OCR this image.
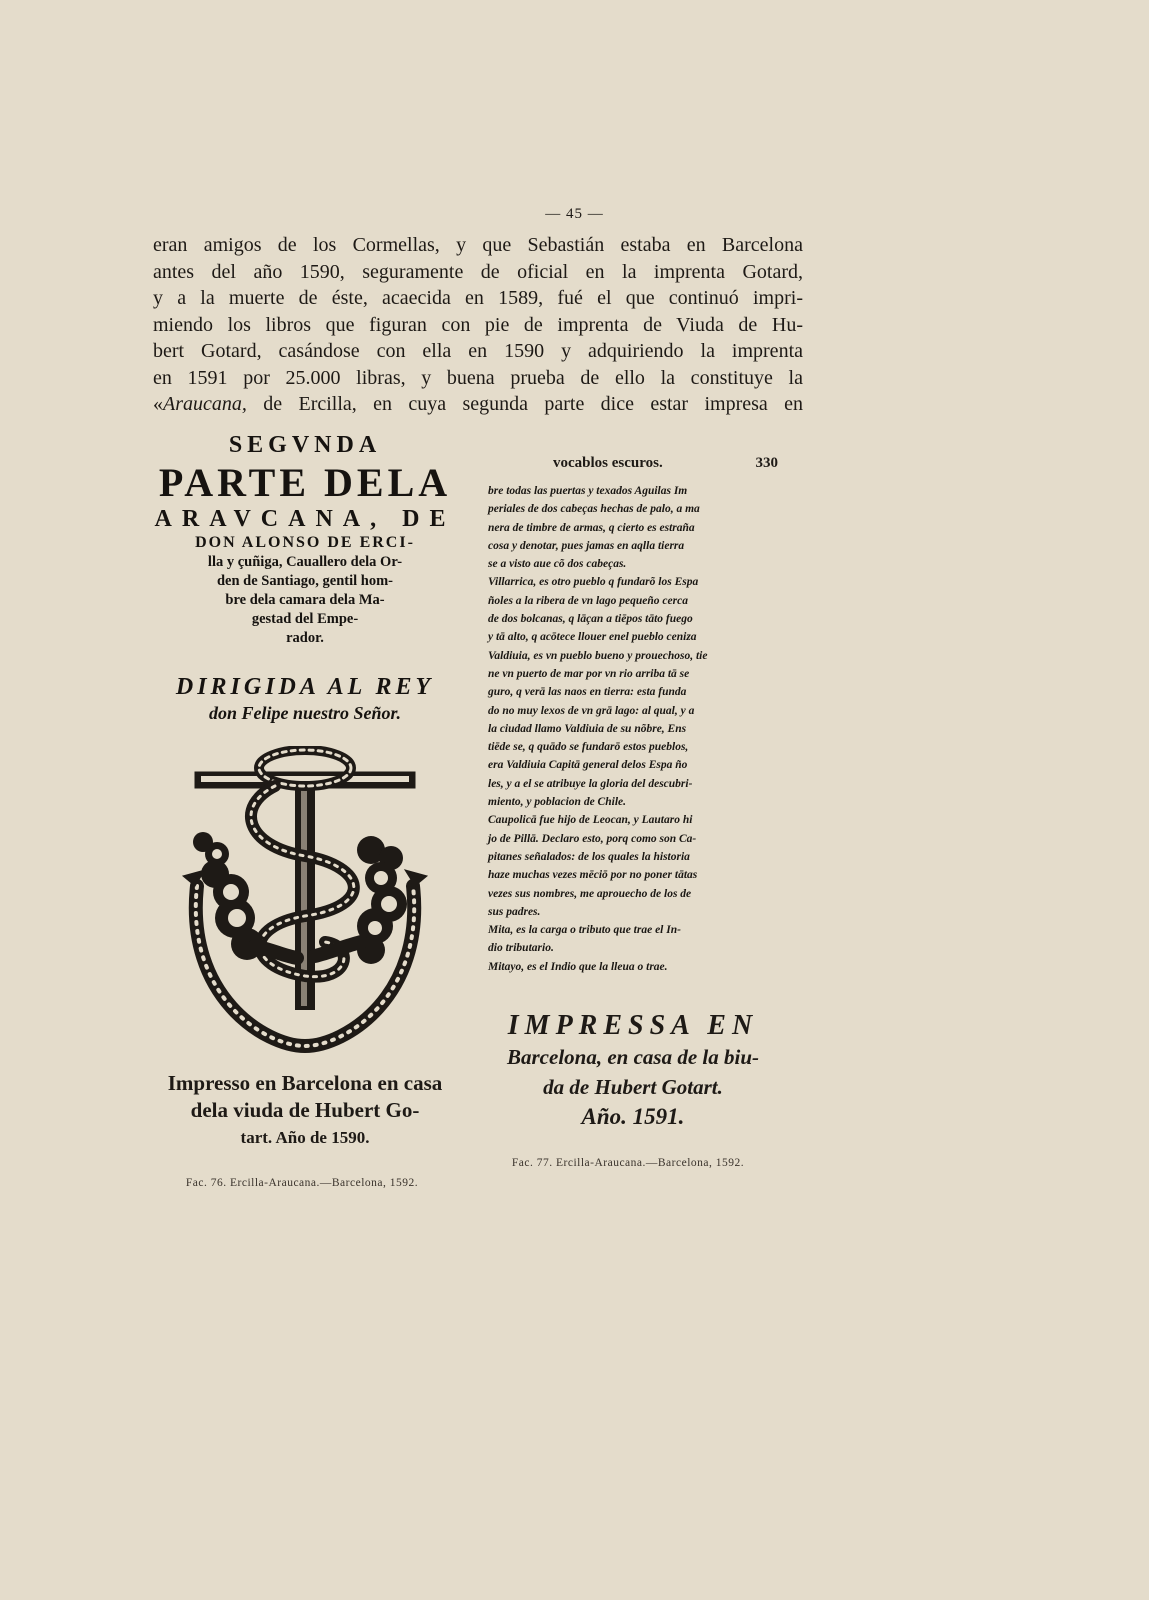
— 45 —
eran amigos de los Cormellas, y que Sebastián estaba en Barcelona
antes del año 1590, seguramente de oficial en la imprenta Gotard,
y a la muerte de éste, acaecida en 1589, fué el que continuó impri-
miendo los libros que figuran con pie de imprenta de Viuda de Hu-
bert Gotard, casándose con ella en 1590 y adquiriendo la imprenta
en 1591 por 25.000 libras, y buena prueba de ello la constituye la
«Araucana, de Ercilla, en cuya segunda parte dice estar impresa en
SEGVNDA
PARTE DELA
ARAVCANA, DE
DON ALONSO DE ERCI-
lla y çuñiga, Cauallero dela Or-
den de Santiago, gentil hom-
bre dela camara dela Ma-
gestad del Empe-
rador.
DIRIGIDA AL REY
don Felipe nuestro Señor.
Impresso en Barcelona en casa
dela viuda de Hubert Go-
tart. Año de 1590.
Fac. 76. Ercilla-Araucana.—Barcelona, 1592.
vocablos escuros.	330
bre todas las puertas y texados Aguilas Im
periales de dos cabeças hechas de palo, a ma
nera de timbre de armas, q cierto es estraña
cosa y denotar, pues jamas en aqlla tierra
se a visto aue cõ dos cabeças.
Villarrica, es otro pueblo q fundarõ los Espa
ñoles a la ribera de vn lago pequeño cerca
de dos bolcanas, q lāçan a tiēpos tāto fuego
y tā alto, q acōtece llouer enel pueblo ceniza
Valdiuia, es vn pueblo bueno y prouechoso, tie
ne vn puerto de mar por vn rio arriba tā se
guro, q verā las naos en tierra: esta funda
do no muy lexos de vn grā lago: al qual, y a
la ciudad llamo Valdiuia de su nõbre, Ens
tiēde se, q quādo se fundarō estos pueblos,
era Valdiuia Capitā general delos Espa ño
les, y a el se atribuye la gloria del descubri-
miento, y poblacion de Chile.
Caupolicā fue hijo de Leocan, y Lautaro hi
jo de Pillā. Declaro esto, porq como son Ca-
pitanes señalados: de los quales la historia
haze muchas vezes mēciō por no poner tātas
vezes sus nombres, me aprouecho de los de
sus padres.
Mita, es la carga o tributo que trae el In-
dio tributario.
Mitayo, es el Indio que la lleua o trae.
IMPRESSA EN
Barcelona, en casa de la biu-
da de Hubert Gotart.
Año. 1591.
Fac. 77. Ercilla-Araucana.—Barcelona, 1592.
